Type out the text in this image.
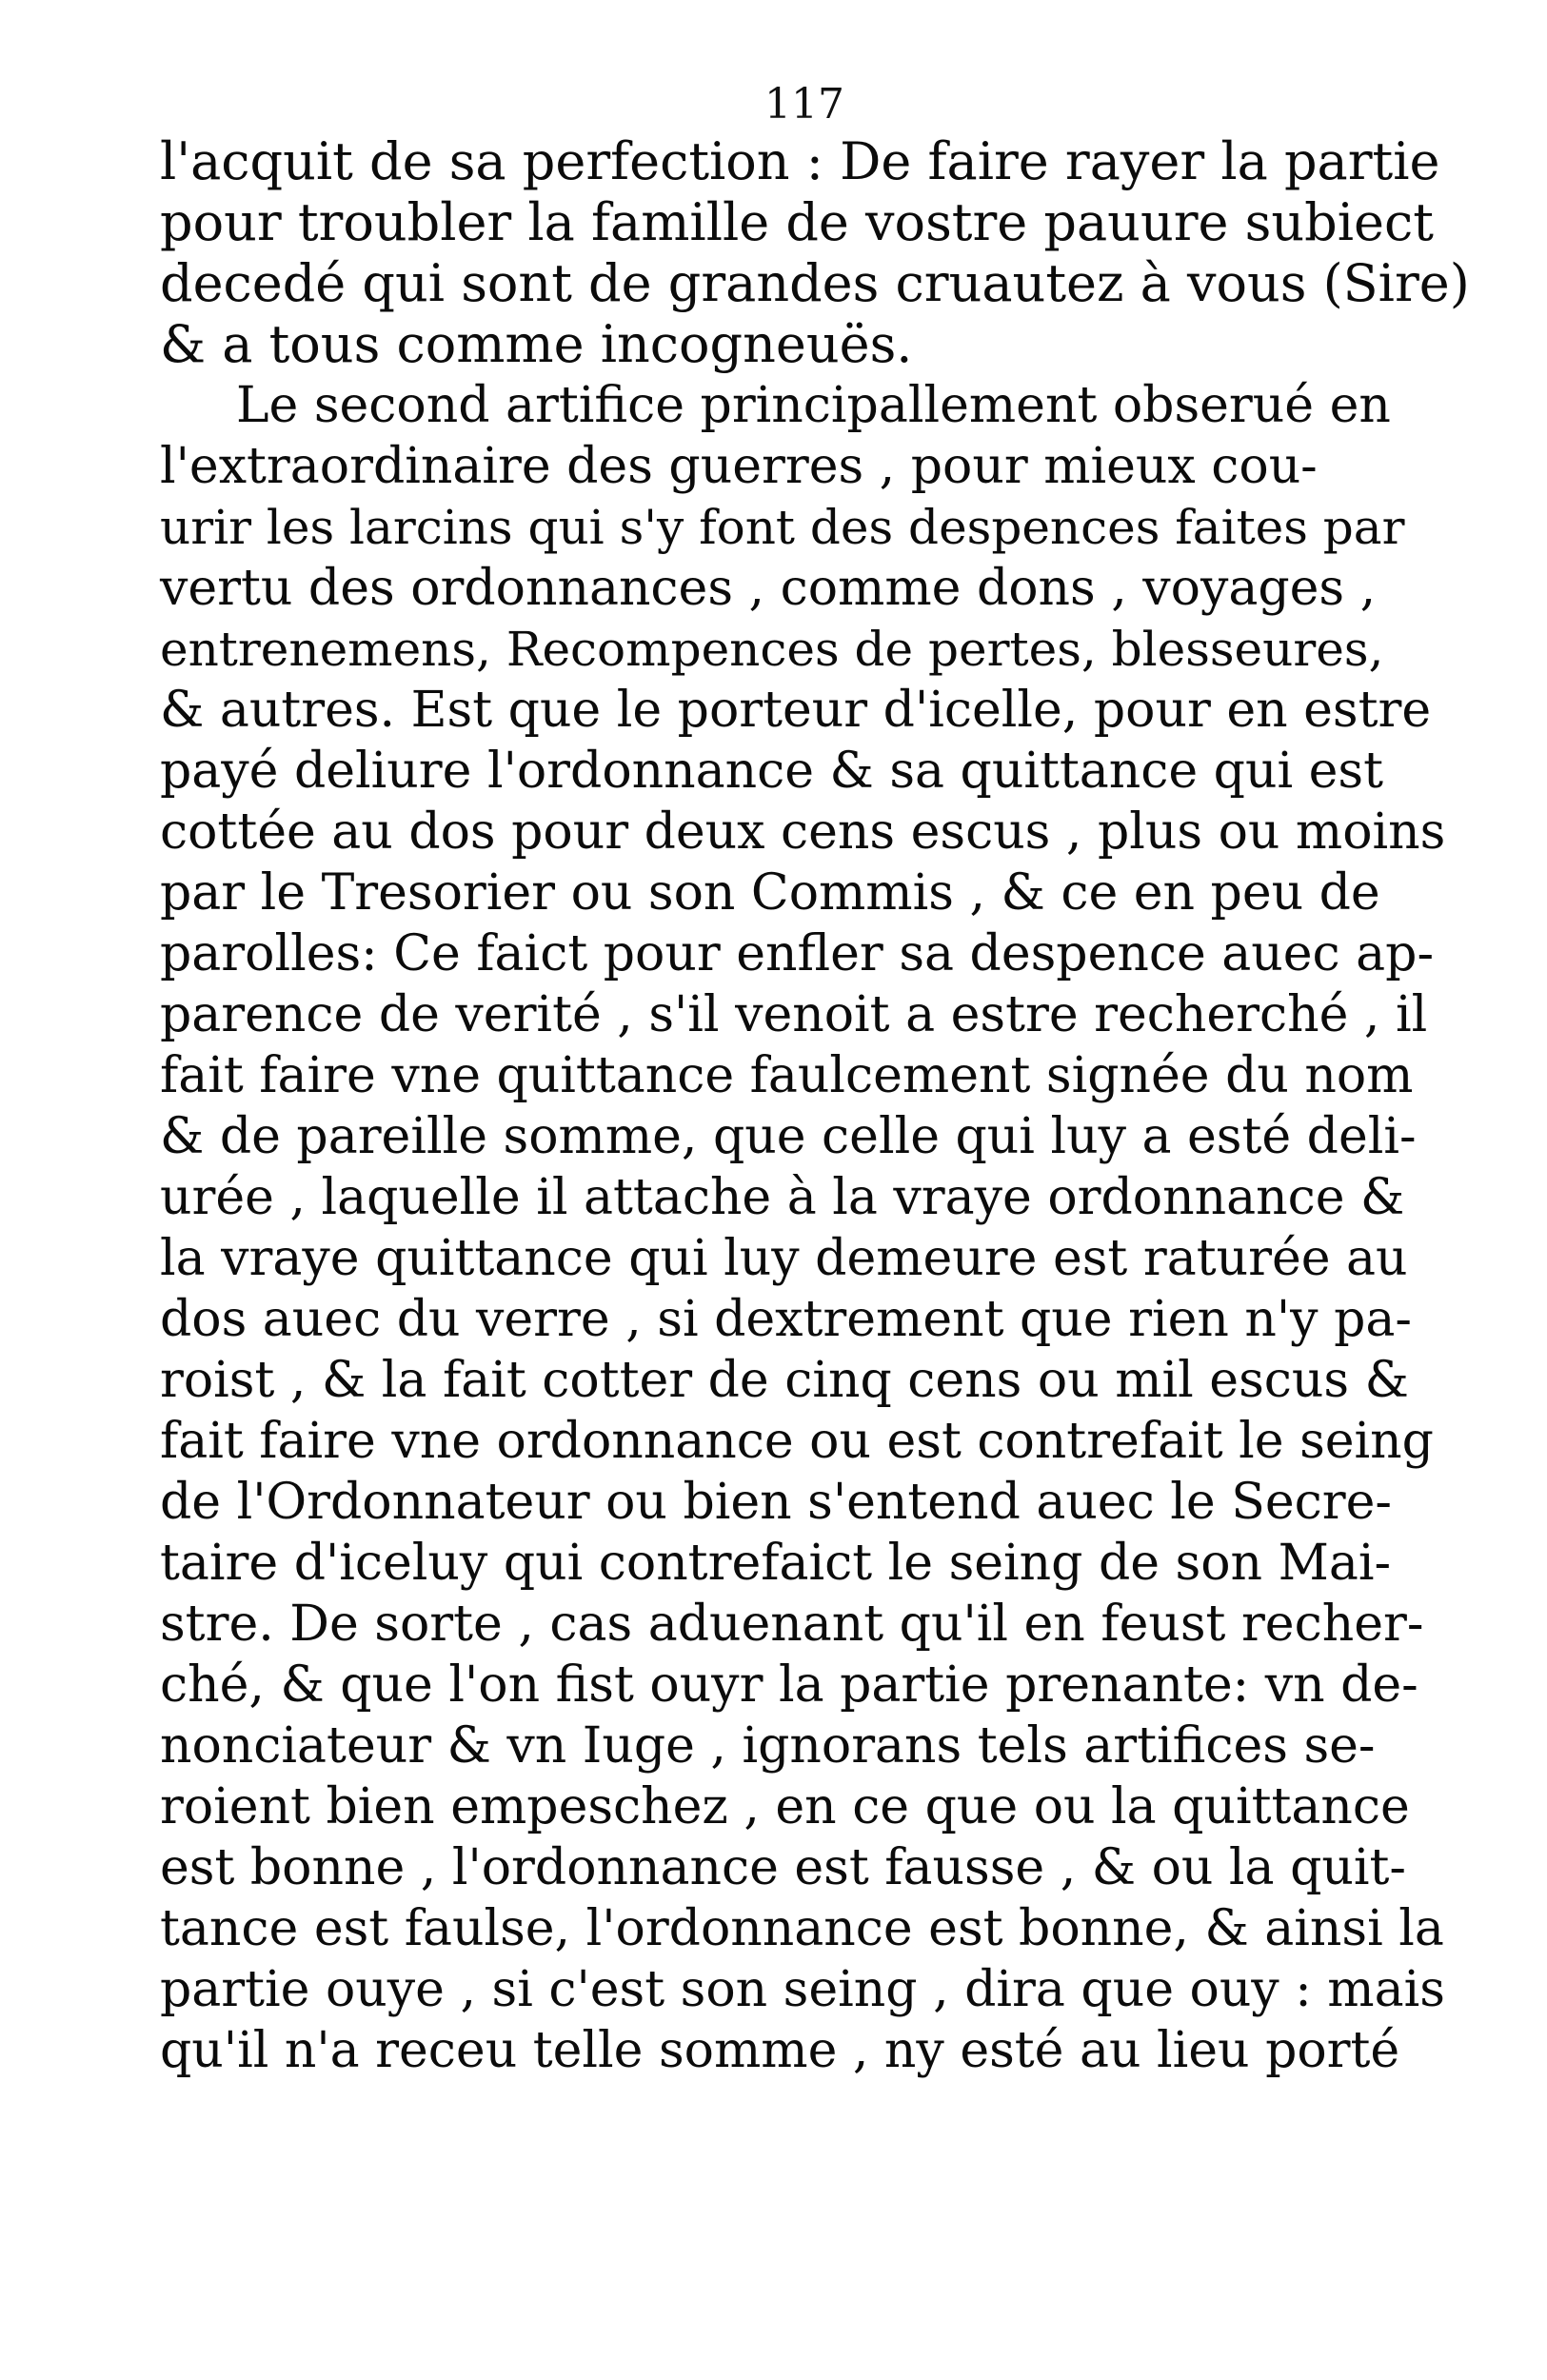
117
l'acquit de sa perfection : De faire rayer la partie
pour troubler la famille de vostre pauure subiect
decedé qui sont de grandes cruautez à vous (Sire)
& a tous comme incogneuës.
Le second artifice principallement obserué en
l'extraordinaire des guerres , pour mieux cou-
urir les larcins qui s'y font des despences faites par
vertu des ordonnances , comme dons , voyages ,
entrenemens, Recompences de pertes, blesseures,
& autres. Est que le porteur d'icelle, pour en estre
payé deliure l'ordonnance & sa quittance qui est
cottée au dos pour deux cens escus , plus ou moins
par le Tresorier ou son Commis , & ce en peu de
parolles: Ce faict pour enfler sa despence auec ap-
parence de verité , s'il venoit a estre recherché , il
fait faire vne quittance faulcement signée du nom
& de pareille somme, que celle qui luy a esté deli-
urée , laquelle il attache à la vraye ordonnance &
la vraye quittance qui luy demeure est raturée au
dos auec du verre , si dextrement que rien n'y pa-
roist , & la fait cotter de cinq cens ou mil escus &
fait faire vne ordonnance ou est contrefait le seing
de l'Ordonnateur ou bien s'entend auec le Secre-
taire d'iceluy qui contrefaict le seing de son Mai-
stre. De sorte , cas aduenant qu'il en feust recher-
ché, & que l'on fist ouyr la partie prenante: vn de-
nonciateur & vn Iuge , ignorans tels artifices se-
roient bien empeschez , en ce que ou la quittance
est bonne , l'ordonnance est fausse , & ou la quit-
tance est faulse, l'ordonnance est bonne, & ainsi la
partie ouye , si c'est son seing , dira que ouy : mais
qu'il n'a receu telle somme , ny esté au lieu porté
